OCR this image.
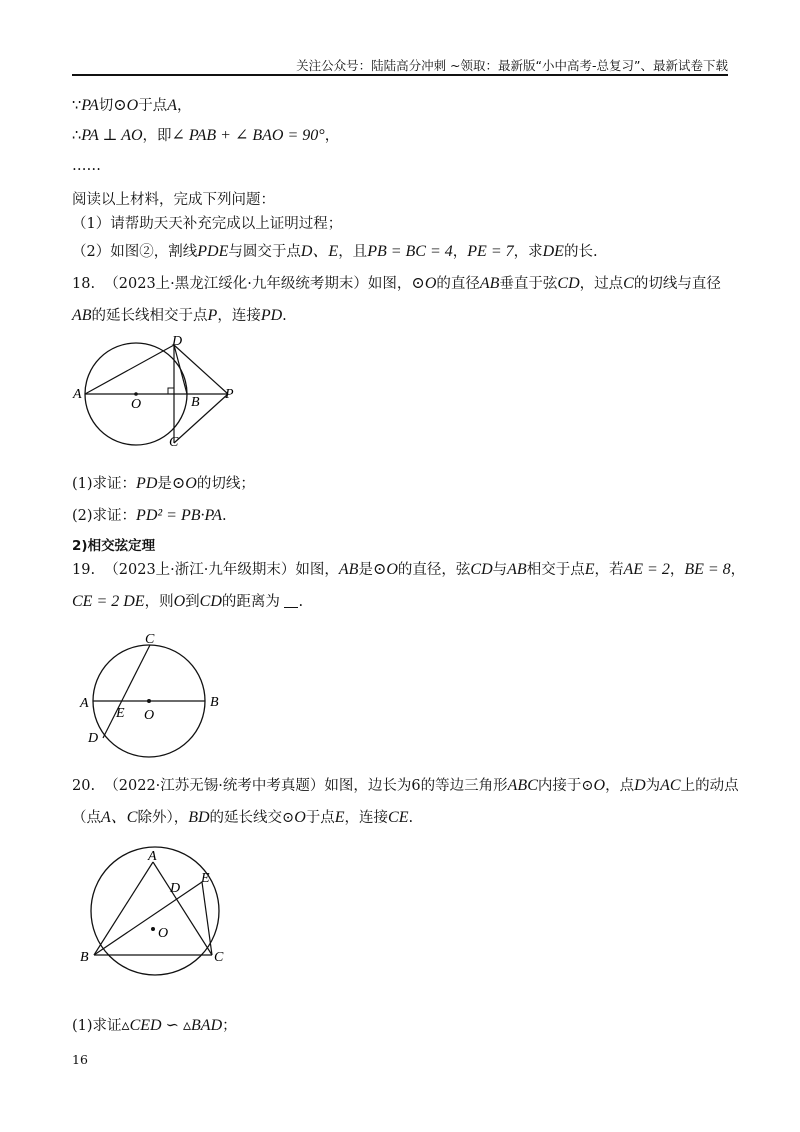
关注公众号：陆陆高分冲刺 ~领取：最新版“小中高考-总复习”、最新试卷下载
∵PA切⊙O于点A，
∴PA ⊥ AO，即∠ PAB + ∠ BAO = 90°，
……
阅读以上材料，完成下列问题：
（1）请帮助天天补充完成以上证明过程；
（2）如图②，割线PDE与圆交于点D、E，且PB = BC = 4，PE = 7，求DE的长.
18. （2023上·黑龙江绥化·九年级统考期末）如图，⊙O的直径AB垂直于弦CD，过点C的切线与直径
AB的延长线相交于点P，连接PD.
D
A
O	B
P
C
(1)求证：PD是⊙O的切线；
(2)求证：PD² = PB·PA.
2)相交弦定理
19. （2023上·浙江·九年级期末）如图，AB是⊙O的直径，弦CD与AB相交于点E，若AE = 2，BE = 8，
CE = 2 DE，则O到CD的距离为 .
C
A
E O
B
D
20. （2022·江苏无锡·统考中考真题）如图，边长为6的等边三角形ABC内接于⊙O，点D为AC上的动点
（点A、C除外），BD的延长线交⊙O于点E，连接CE.
A
E
D
O
B	C
(1)求证▵CED ∽ ▵BAD；
16
